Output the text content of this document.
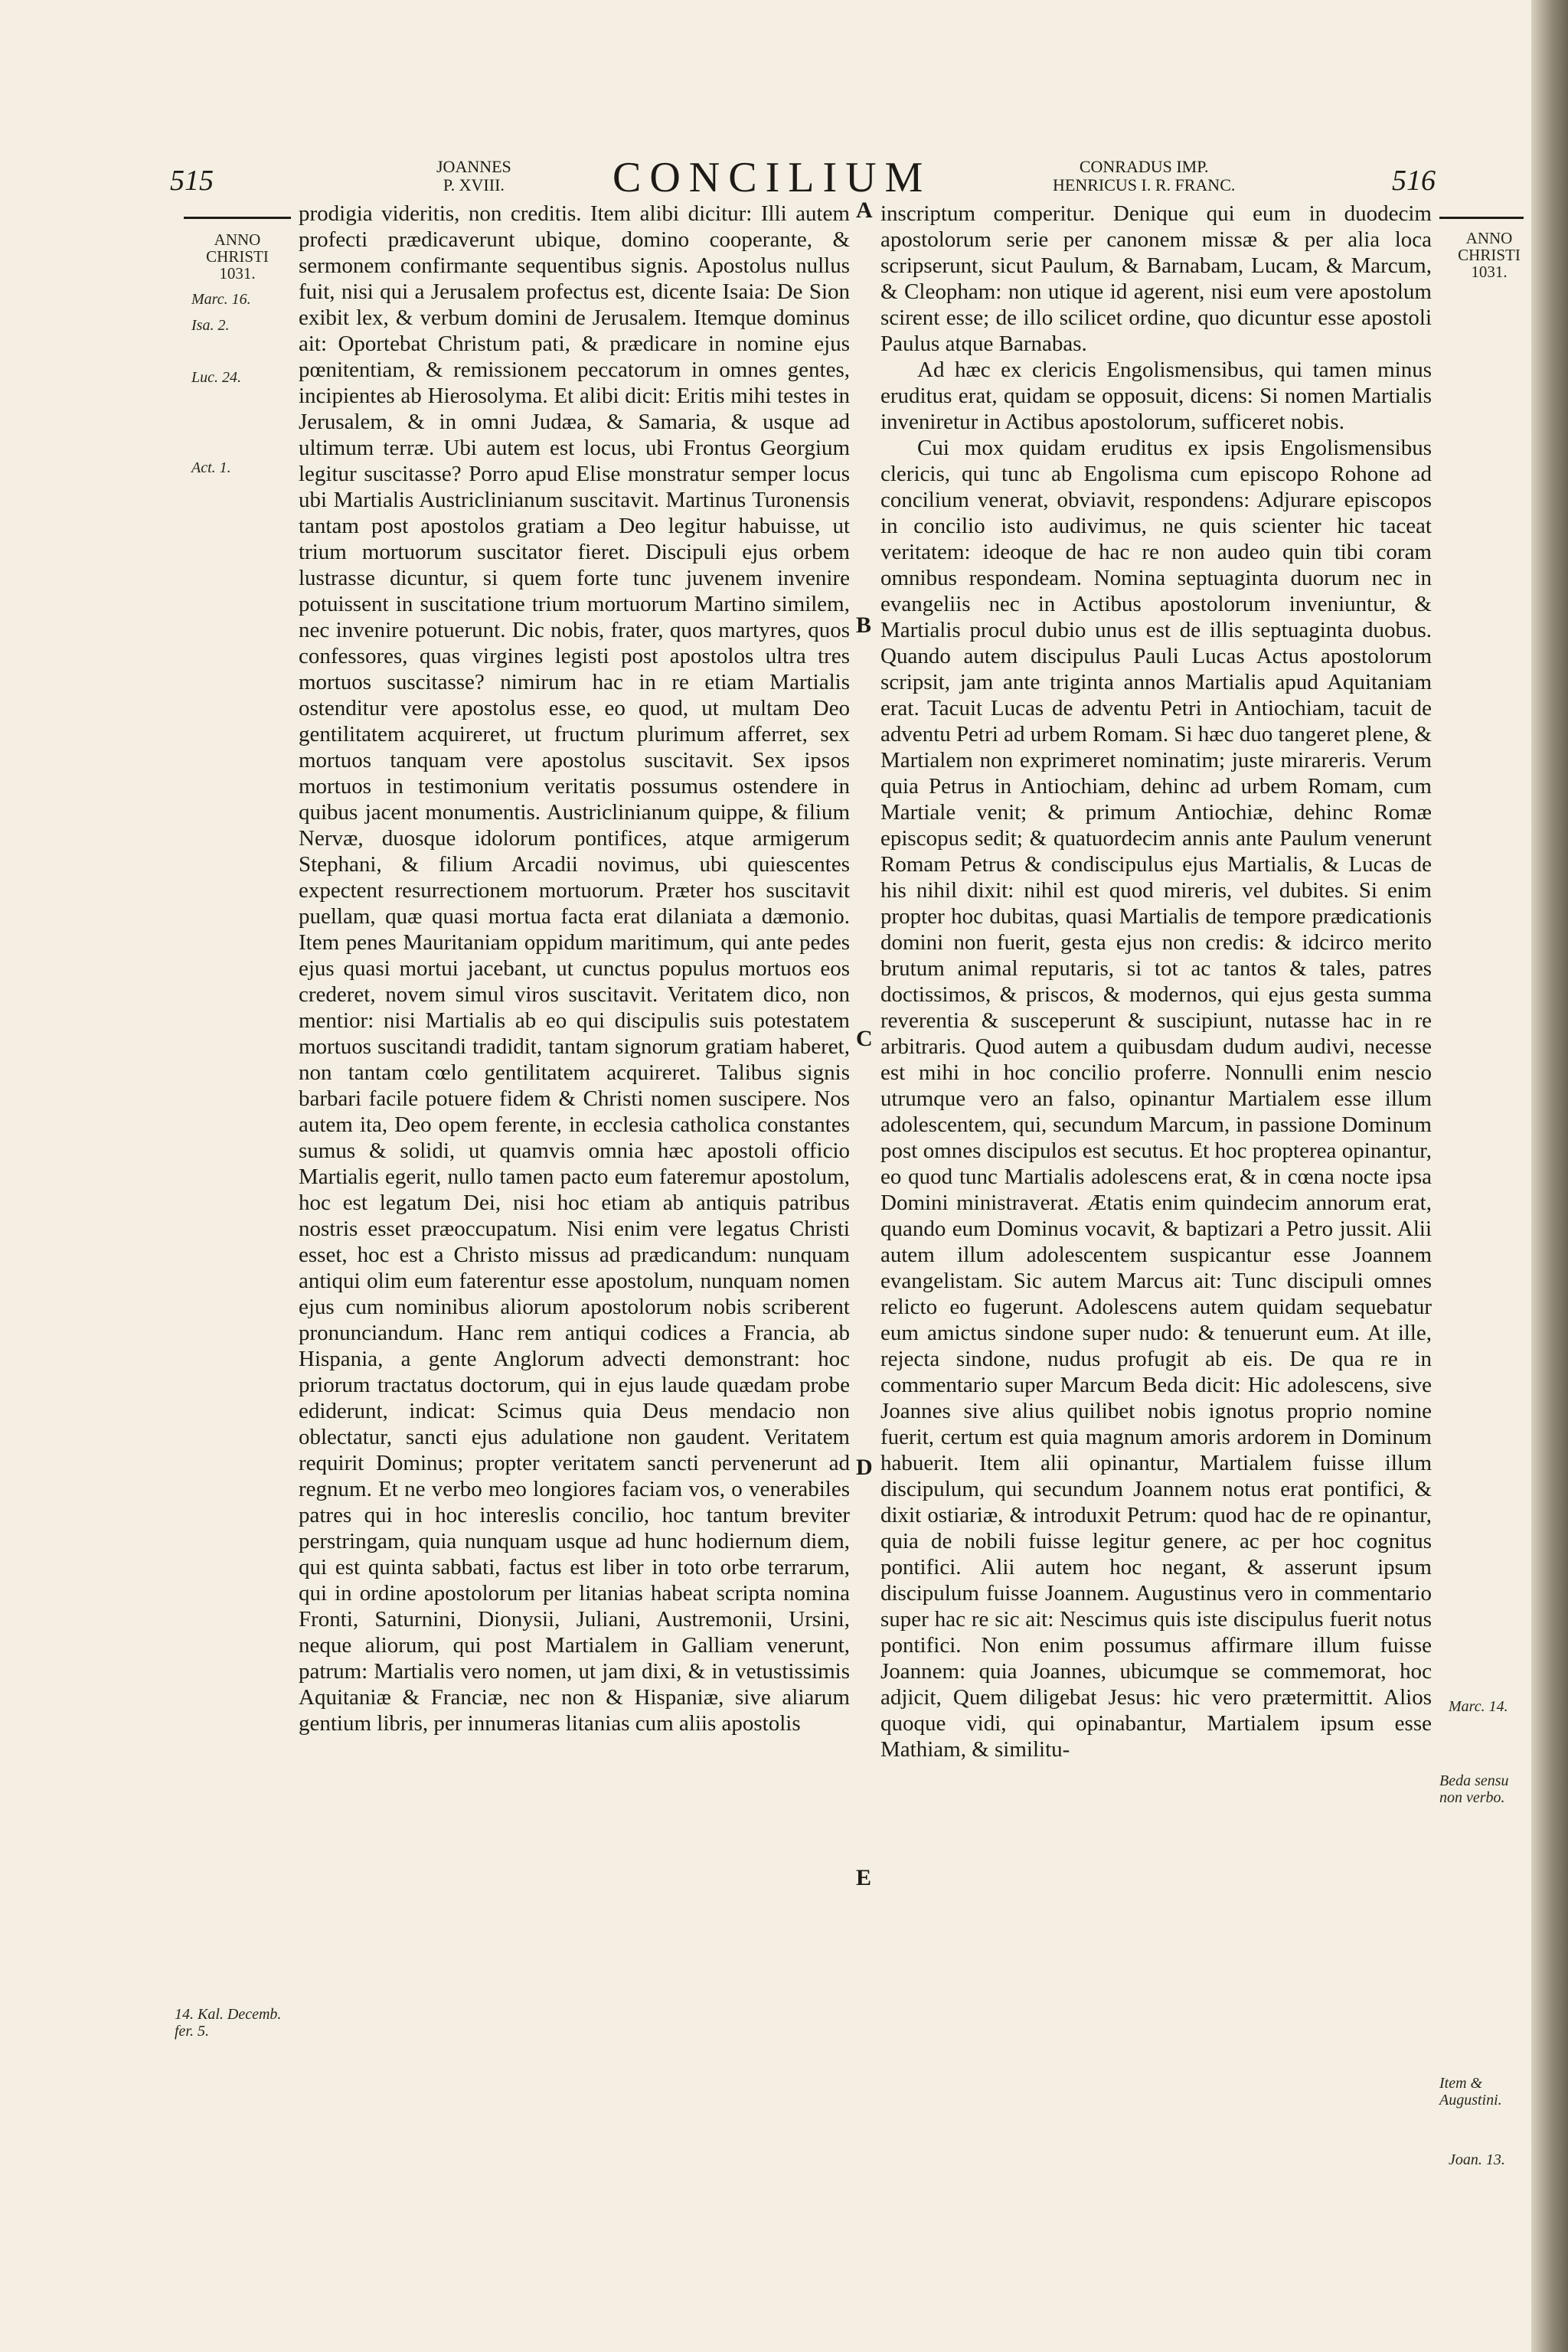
515	JOANNES
P. XVIII.	CONCILIUM	CONRADUS IMP.
HENRICUS I. R. FRANC.	516
ANNO
CHRISTI
1031.
Marc. 16.
Isa. 2.
Luc. 24.
Act. 1.
14. Kal. Decemb. fer. 5.
ANNO
CHRISTI
1031.
Marc. 14.
Beda sensu non verbo.
Item & Augustini.
Joan. 13.
A
B
C
D
E

prodigia videritis, non creditis. Item alibi dicitur: Illi autem profecti prædicaverunt ubique, domino cooperante, & sermonem confirmante sequentibus signis. Apostolus nullus fuit, nisi qui a Jerusalem profectus est, dicente Isaia: De Sion exibit lex, & verbum domini de Jerusalem. Itemque dominus ait: Oportebat Christum pati, & prædicare in nomine ejus pœnitentiam, & remissionem peccatorum in omnes gentes, incipientes ab Hierosolyma. Et alibi dicit: Eritis mihi testes in Jerusalem, & in omni Judæa, & Samaria, & usque ad ultimum terræ. Ubi autem est locus, ubi Frontus Georgium legitur suscitasse? Porro apud Elise monstratur semper locus ubi Martialis Austriclinianum suscitavit. Martinus Turonensis tantam post apostolos gratiam a Deo legitur habuisse, ut trium mortuorum suscitator fieret. Discipuli ejus orbem lustrasse dicuntur, si quem forte tunc juvenem invenire potuissent in suscitatione trium mortuorum Martino similem, nec invenire potuerunt. Dic nobis, frater, quos martyres, quos confessores, quas virgines legisti post apostolos ultra tres mortuos suscitasse? nimirum hac in re etiam Martialis ostenditur vere apostolus esse, eo quod, ut multam Deo gentilitatem acquireret, ut fructum plurimum afferret, sex mortuos tanquam vere apostolus suscitavit. Sex ipsos mortuos in testimonium veritatis possumus ostendere in quibus jacent monumentis. Austriclinianum quippe, & filium Nervæ, duosque idolorum pontifices, atque armigerum Stephani, & filium Arcadii novimus, ubi quiescentes expectent resurrectionem mortuorum. Præter hos suscitavit puellam, quæ quasi mortua facta erat dilaniata a dæmonio. Item penes Mauritaniam oppidum maritimum, qui ante pedes ejus quasi mortui jacebant, ut cunctus populus mortuos eos crederet, novem simul viros suscitavit. Veritatem dico, non mentior: nisi Martialis ab eo qui discipulis suis potestatem mortuos suscitandi tradidit, tantam signorum gratiam haberet, non tantam cœlo gentilitatem acquireret. Talibus signis barbari facile potuere fidem & Christi nomen suscipere. Nos autem ita, Deo opem ferente, in ecclesia catholica constantes sumus & solidi, ut quamvis omnia hæc apostoli officio Martialis egerit, nullo tamen pacto eum fateremur apostolum, hoc est legatum Dei, nisi hoc etiam ab antiquis patribus nostris esset præoccupatum. Nisi enim vere legatus Christi esset, hoc est a Christo missus ad prædicandum: nunquam antiqui olim eum faterentur esse apostolum, nunquam nomen ejus cum nominibus aliorum apostolorum nobis scriberent pronunciandum. Hanc rem antiqui codices a Francia, ab Hispania, a gente Anglorum advecti demonstrant: hoc priorum tractatus doctorum, qui in ejus laude quædam probe ediderunt, indicat: Scimus quia Deus mendacio non oblectatur, sancti ejus adulatione non gaudent. Veritatem requirit Dominus; propter veritatem sancti pervenerunt ad regnum. Et ne verbo meo longiores faciam vos, o venerabiles patres qui in hoc intereslis concilio, hoc tantum breviter perstringam, quia nunquam usque ad hunc hodiernum diem, qui est quinta sabbati, factus est liber in toto orbe terrarum, qui in ordine apostolorum per litanias habeat scripta nomina Fronti, Saturnini, Dionysii, Juliani, Austremonii, Ursini, neque aliorum, qui post Martialem in Galliam venerunt, patrum: Martialis vero nomen, ut jam dixi, & in vetustissimis Aquitaniæ & Franciæ, nec non & Hispaniæ, sive aliarum gentium libris, per innumeras litanias cum aliis apostolis

inscriptum comperitur. Denique qui eum in duodecim apostolorum serie per canonem missæ & per alia loca scripserunt, sicut Paulum, & Barnabam, Lucam, & Marcum, & Cleopham: non utique id agerent, nisi eum vere apostolum scirent esse; de illo scilicet ordine, quo dicuntur esse apostoli Paulus atque Barnabas.

Ad hæc ex clericis Engolismensibus, qui tamen minus eruditus erat, quidam se opposuit, dicens: Si nomen Martialis inveniretur in Actibus apostolorum, sufficeret nobis.

Cui mox quidam eruditus ex ipsis Engolismensibus clericis, qui tunc ab Engolisma cum episcopo Rohone ad concilium venerat, obviavit, respondens: Adjurare episcopos in concilio isto audivimus, ne quis scienter hic taceat veritatem: ideoque de hac re non audeo quin tibi coram omnibus respondeam. Nomina septuaginta duorum nec in evangeliis nec in Actibus apostolorum inveniuntur, & Martialis procul dubio unus est de illis septuaginta duobus. Quando autem discipulus Pauli Lucas Actus apostolorum scripsit, jam ante triginta annos Martialis apud Aquitaniam erat. Tacuit Lucas de adventu Petri in Antiochiam, tacuit de adventu Petri ad urbem Romam. Si hæc duo tangeret plene, & Martialem non exprimeret nominatim; juste mirareris. Verum quia Petrus in Antiochiam, dehinc ad urbem Romam, cum Martiale venit; & primum Antiochiæ, dehinc Romæ episcopus sedit; & quatuordecim annis ante Paulum venerunt Romam Petrus & condiscipulus ejus Martialis, & Lucas de his nihil dixit: nihil est quod mireris, vel dubites. Si enim propter hoc dubitas, quasi Martialis de tempore prædicationis domini non fuerit, gesta ejus non credis: & idcirco merito brutum animal reputaris, si tot ac tantos & tales, patres doctissimos, & priscos, & modernos, qui ejus gesta summa reverentia & susceperunt & suscipiunt, nutasse hac in re arbitraris. Quod autem a quibusdam dudum audivi, necesse est mihi in hoc concilio proferre. Nonnulli enim nescio utrumque vero an falso, opinantur Martialem esse illum adolescentem, qui, secundum Marcum, in passione Dominum post omnes discipulos est secutus. Et hoc propterea opinantur, eo quod tunc Martialis adolescens erat, & in cœna nocte ipsa Domini ministraverat. Ætatis enim quindecim annorum erat, quando eum Dominus vocavit, & baptizari a Petro jussit. Alii autem illum adolescentem suspicantur esse Joannem evangelistam. Sic autem Marcus ait: Tunc discipuli omnes relicto eo fugerunt. Adolescens autem quidam sequebatur eum amictus sindone super nudo: & tenuerunt eum. At ille, rejecta sindone, nudus profugit ab eis. De qua re in commentario super Marcum Beda dicit: Hic adolescens, sive Joannes sive alius quilibet nobis ignotus proprio nomine fuerit, certum est quia magnum amoris ardorem in Dominum habuerit. Item alii opinantur, Martialem fuisse illum discipulum, qui secundum Joannem notus erat pontifici, & dixit ostiariæ, & introduxit Petrum: quod hac de re opinantur, quia de nobili fuisse legitur genere, ac per hoc cognitus pontifici. Alii autem hoc negant, & asserunt ipsum discipulum fuisse Joannem. Augustinus vero in commentario super hac re sic ait: Nescimus quis iste discipulus fuerit notus pontifici. Non enim possumus affirmare illum fuisse Joannem: quia Joannes, ubicumque se commemorat, hoc adjicit, Quem diligebat Jesus: hic vero prætermittit. Alios quoque vidi, qui opinabantur, Martialem ipsum esse Mathiam, & similitu-
